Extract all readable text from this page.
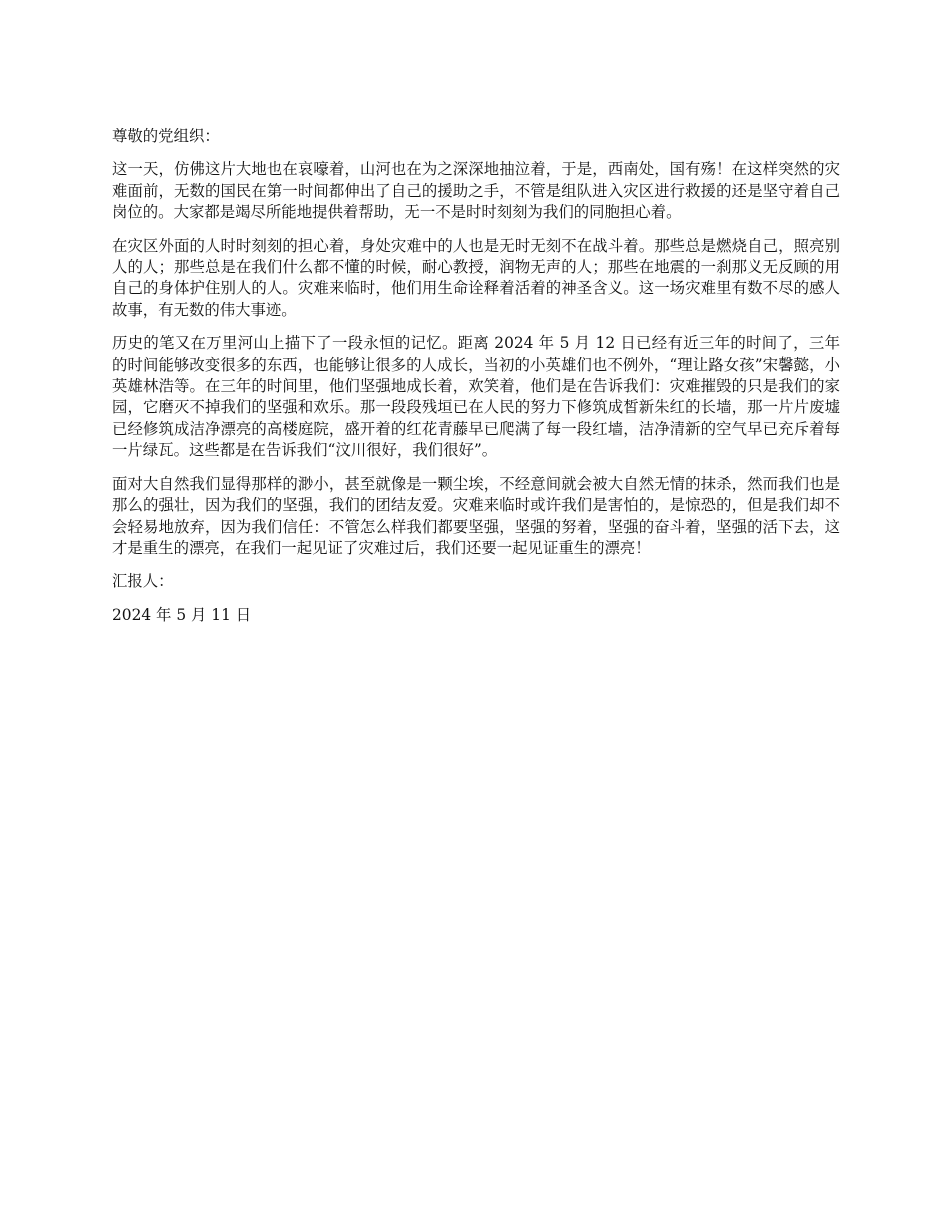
尊敬的党组织：

这一天，仿佛这片大地也在哀嚎着，山河也在为之深深地抽泣着，于是，西南处，国有殇！在这样突然的灾难面前，无数的国民在第一时间都伸出了自己的援助之手，不管是组队进入灾区进行救援的还是坚守着自己岗位的。大家都是竭尽所能地提供着帮助，无一不是时时刻刻为我们的同胞担心着。

在灾区外面的人时时刻刻的担心着，身处灾难中的人也是无时无刻不在战斗着。那些总是燃烧自己，照亮别人的人；那些总是在我们什么都不懂的时候，耐心教授，润物无声的人；那些在地震的一刹那义无反顾的用自己的身体护住别人的人。灾难来临时，他们用生命诠释着活着的神圣含义。这一场灾难里有数不尽的感人故事，有无数的伟大事迹。

历史的笔又在万里河山上描下了一段永恒的记忆。距离 2024 年 5 月 12 日已经有近三年的时间了，三年的时间能够改变很多的东西，也能够让很多的人成长，当初的小英雄们也不例外，“理让路女孩”宋馨懿，小英雄林浩等。在三年的时间里，他们坚强地成长着，欢笑着，他们是在告诉我们：灾难摧毁的只是我们的家园，它磨灭不掉我们的坚强和欢乐。那一段段残垣已在人民的努力下修筑成皙新朱红的长墙，那一片片废墟已经修筑成洁净漂亮的高楼庭院，盛开着的红花青藤早已爬满了每一段红墙，洁净清新的空气早已充斥着每一片绿瓦。这些都是在告诉我们“汶川很好，我们很好”。

面对大自然我们显得那样的渺小，甚至就像是一颗尘埃，不经意间就会被大自然无情的抹杀，然而我们也是那么的强壮，因为我们的坚强，我们的团结友爱。灾难来临时或许我们是害怕的，是惊恐的，但是我们却不会轻易地放弃，因为我们信任：不管怎么样我们都要坚强，坚强的努着，坚强的奋斗着，坚强的活下去，这才是重生的漂亮，在我们一起见证了灾难过后，我们还要一起见证重生的漂亮！

汇报人：

2024 年 5 月 11 日
